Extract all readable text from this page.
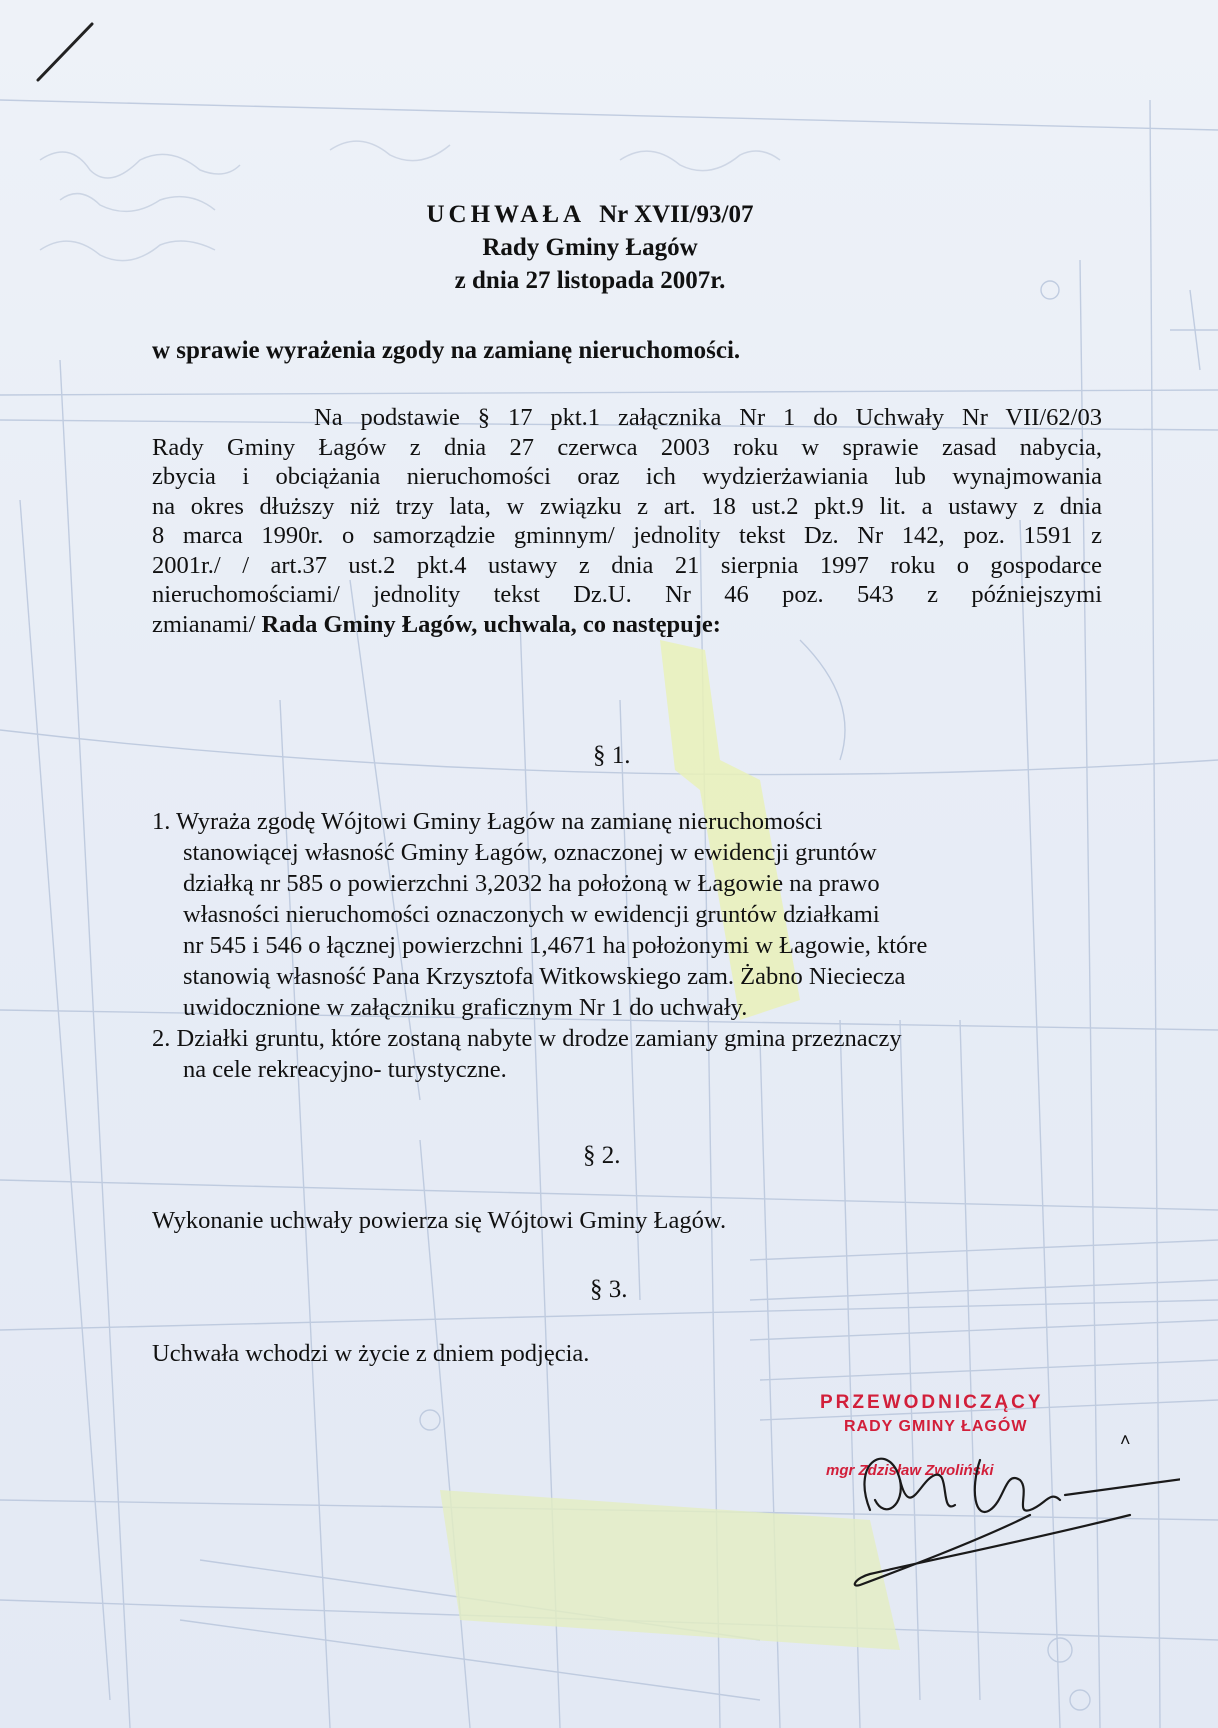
UCHWAŁA Nr XVII/93/07
Rady Gminy Łagów
z dnia 27 listopada 2007r.
w sprawie wyrażenia zgody na zamianę nieruchomości.
Na podstawie § 17 pkt.1 załącznika Nr 1 do Uchwały Nr VII/62/03
Rady Gminy Łagów z dnia 27 czerwca 2003 roku w sprawie zasad nabycia,
zbycia i obciążania nieruchomości oraz ich wydzierżawiania lub wynajmowania
na okres dłuższy niż trzy lata, w związku z art. 18 ust.2 pkt.9 lit. a ustawy z dnia
8 marca 1990r. o samorządzie gminnym/ jednolity tekst Dz. Nr 142, poz. 1591 z
2001r./ / art.37 ust.2 pkt.4 ustawy z dnia 21 sierpnia 1997 roku o gospodarce
nieruchomościami/ jednolity tekst Dz.U. Nr 46 poz. 543 z późniejszymi
zmianami/ Rada Gminy Łagów, uchwala, co następuje:
§ 1.
1. Wyraża zgodę Wójtowi Gminy Łagów na zamianę nieruchomości
stanowiącej własność Gminy Łagów, oznaczonej w ewidencji gruntów
działką nr 585 o powierzchni 3,2032 ha położoną w Łagowie na prawo
własności nieruchomości oznaczonych w ewidencji gruntów działkami
nr 545 i 546 o łącznej powierzchni 1,4671 ha położonymi w Łagowie, które
stanowią własność Pana Krzysztofa Witkowskiego zam. Żabno Nieciecza
uwidocznione w załączniku graficznym Nr 1 do uchwały.
2. Działki gruntu, które zostaną nabyte w drodze zamiany gmina przeznaczy
na cele rekreacyjno- turystyczne.
§ 2.
Wykonanie uchwały powierza się Wójtowi Gminy Łagów.
§ 3.
Uchwała wchodzi w życie z dniem podjęcia.
PRZEWODNICZĄCY
RADY GMINY ŁAGÓW
mgr Zdzisław Zwoliński
˄
